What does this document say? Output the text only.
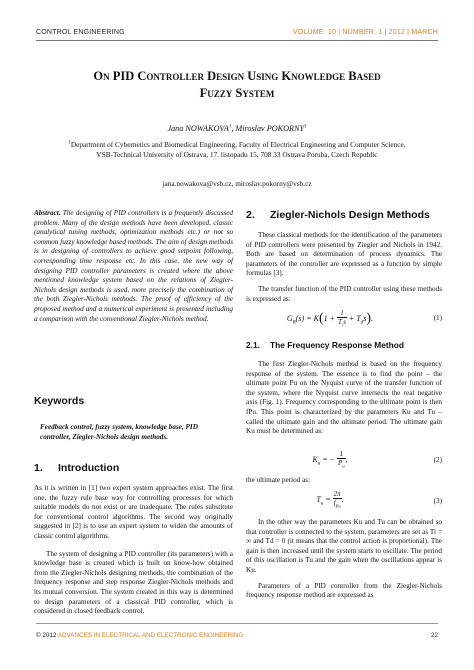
CONTROL ENGINEERING	VOLUME: 10 | NUMBER: 1 | 2012 | MARCH
On PID Controller Design Using Knowledge Based
Fuzzy System
Jana NOWAKOVA$^1$, Miroslav POKORNY$^1$
$^1$Department of Cybernetics and Biomedical Engineering, Faculty of Electrical Engineering and Computer Science,
VSB-Technical University of Ostrava, 17. listopadu 15, 708 33 Ostrava Poruba, Czech Republic
jana.nowakova@vsb.cz, miroslav.pokorny@vsb.cz

Abstract. The designing of PID controllers is a frequently discussed problem. Many of the design methods have been developed, classic (analytical tuning methods, optimization methods etc.) or not so common fuzzy knowledge based methods. The aim of design methods is in designing of controllers to achieve good setpoint following, corresponding time response etc. In this case, the new way of designing PID controller parameters is created where the above mentioned knowledge system based on the relations of Ziegler-Nichols design methods is used, more precisely the combination of the both Ziegler-Nichols methods. The proof of efficiency of the proposed method and a numerical experiment is presented including a comparison with the conventional Ziegler-Nichols method.

Keywords
Feedback control, fuzzy system, knowledge base, PID controller, Ziegler-Nichols design methods.
1. Introduction

As it is written in [1] two expert system approaches exist. The first one, the fuzzy rule base way for controlling processes for which suitable models do not exist or are inadequate. The rules substitute for conventional control algorithms. The second way originally suggested in [2] is to use an expert system to widen the amounts of classic control algorithms.

The system of designing a PID controller (its parameters) with a knowledge base is created which is built on know-how obtained from the Ziegler-Nichols designing methods, the combination of the frequency response and step response Ziegler-Nichols methods and its mutual conversion. The system created in this way is determined to design parameters of a classical PID controller, which is considered in closed feedback control.

2. Ziegler-Nichols Design Methods

These classical methods for the identification of the parameters of PID controllers were presented by Ziegler and Nichols in 1942. Both are based on determination of process dynamics. The parameters of the controller are expressed as a function by simple formulas [3].

The transfer function of the PID controller using these methods is expressed as:

$G_R(s) = K(1 + \frac{1}{T_is} + T_ds)$.	(1)
2.1. The Frequency Response Method

The first Ziegler-Nichols method is based on the frequency response of the system. The essence is to find the point – the ultimate point Pu on the Nyquist curve of the transfer function of the system, where the Nyquist curve intersects the real negative axis (Fig. 1). Frequency corresponding to the ultimate point is then fPu. This point is characterized by the parameters Ku and Tu – called the ultimate gain and the ultimate period. The ultimate gain Ku must be determined as:

$K_u$ = − $\frac{1}{P_u}$ ,	(2)

the ultimate period as:

$T_u = \frac{2\pi}{f_{Pu}}$ .	(3)

In the other way the parameters Ku and Tu can be obtained so that controller is connected to the system, parameters are set as Ti = ∞ and Td = 0 (it means that the control action is proportional). The gain is then increased until the system starts to oscillate. The period of this oscillation is Tu and the gain when the oscillations appear is Ku.

Parameters of a PID controller from the Ziegler-Nichols frequency response method are expressed as

© 2012 ADVANCES IN ELECTRICAL AND ELECTRONIC ENGINEERING	22
